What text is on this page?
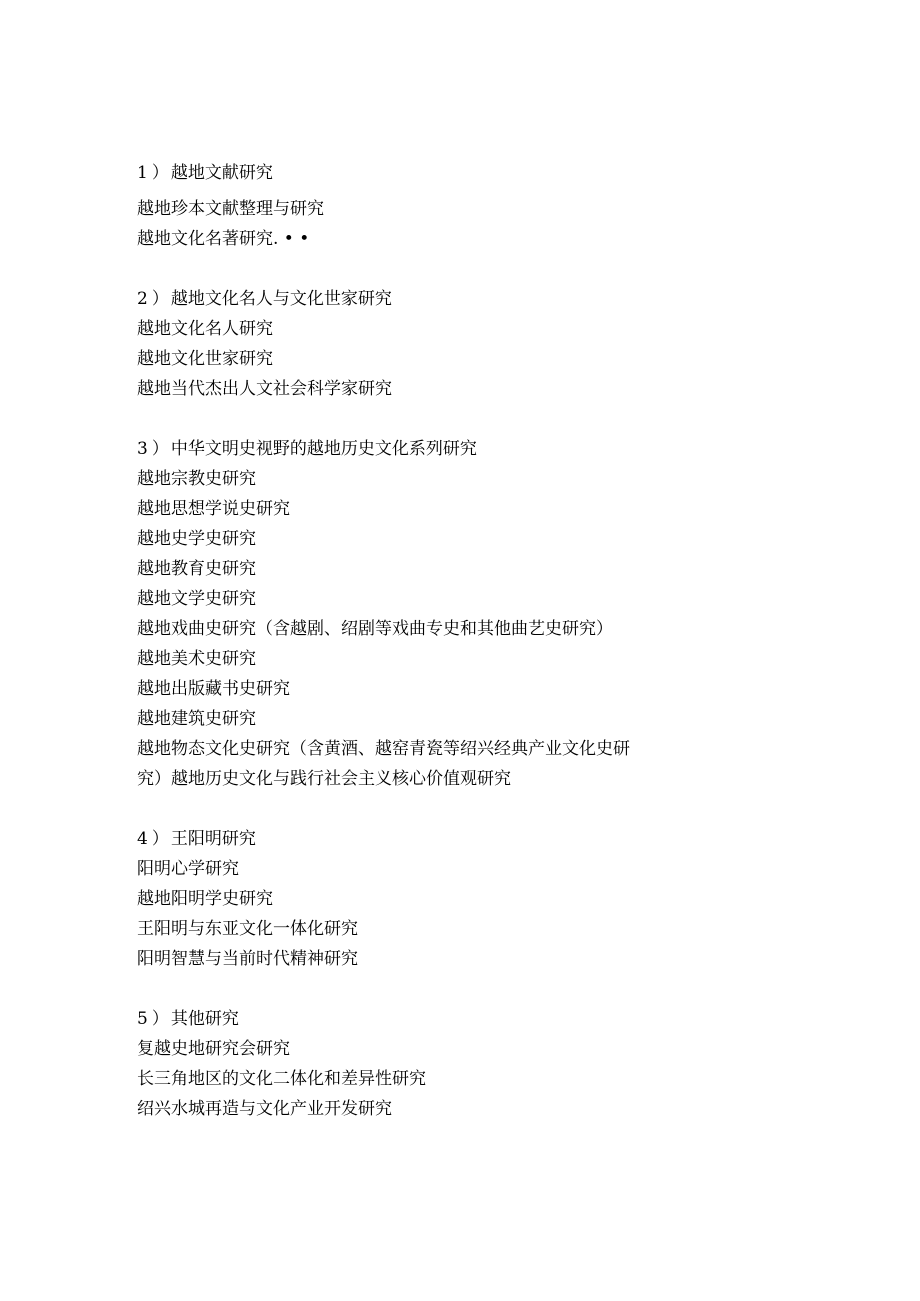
1 ） 越地文献研究
越地珍本文献整理与研究
越地文化名著研究. • •
2 ） 越地文化名人与文化世家研究
越地文化名人研究
越地文化世家研究
越地当代杰出人文社会科学家研究
3 ） 中华文明史视野的越地历史文化系列研究
越地宗教史研究
越地思想学说史研究
越地史学史研究
越地教育史研究
越地文学史研究
越地戏曲史研究（含越剧、绍剧等戏曲专史和其他曲艺史研究）
越地美术史研究
越地出版藏书史研究
越地建筑史研究
越地物态文化史研究（含黄酒、越窑青瓷等绍兴经典产业文化史研
究）越地历史文化与践行社会主义核心价值观研究
4 ） 王阳明研究
阳明心学研究
越地阳明学史研究
王阳明与东亚文化一体化研究
阳明智慧与当前时代精神研究
5 ） 其他研究
复越史地研究会研究
长三角地区的文化二体化和差异性研究
绍兴水城再造与文化产业开发研究
